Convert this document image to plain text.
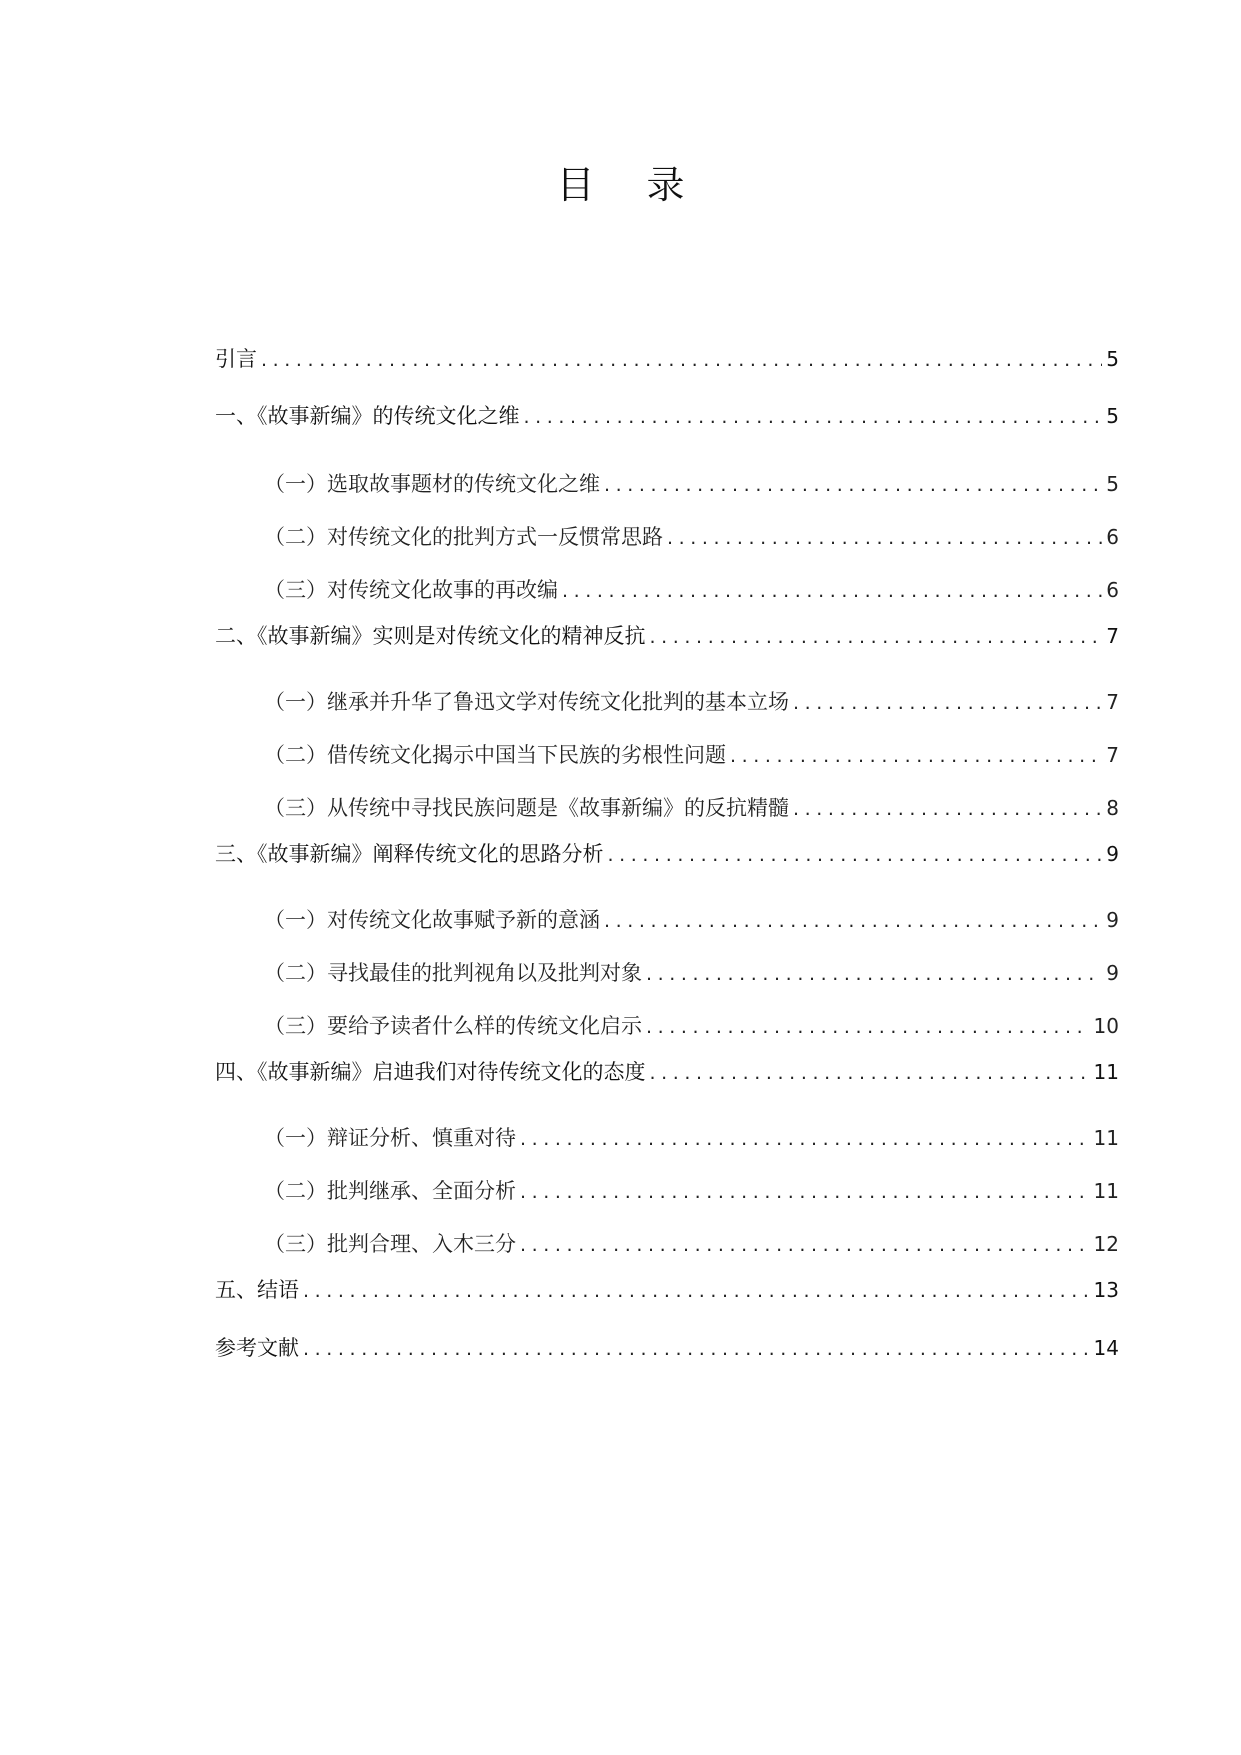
目录
引言 .....	5
一、《故事新编》的传统文化之维 .....	5
（一）选取故事题材的传统文化之维 .....	5
（二）对传统文化的批判方式一反惯常思路 .....	6
（三）对传统文化故事的再改编 .....	6
二、《故事新编》实则是对传统文化的精神反抗 .....	7
（一）继承并升华了鲁迅文学对传统文化批判的基本立场 .....	7
（二）借传统文化揭示中国当下民族的劣根性问题 .....	7
（三）从传统中寻找民族问题是《故事新编》的反抗精髓 .....	8
三、《故事新编》阐释传统文化的思路分析 .....	9
（一）对传统文化故事赋予新的意涵 .....	9
（二）寻找最佳的批判视角以及批判对象 .....	9
（三）要给予读者什么样的传统文化启示 .....	10
四、《故事新编》启迪我们对待传统文化的态度 .....	11
（一）辩证分析、慎重对待 .....	11
（二）批判继承、全面分析 .....	11
（三）批判合理、入木三分 .....	12
五、结语 .....	13
参考文献 .....	14
